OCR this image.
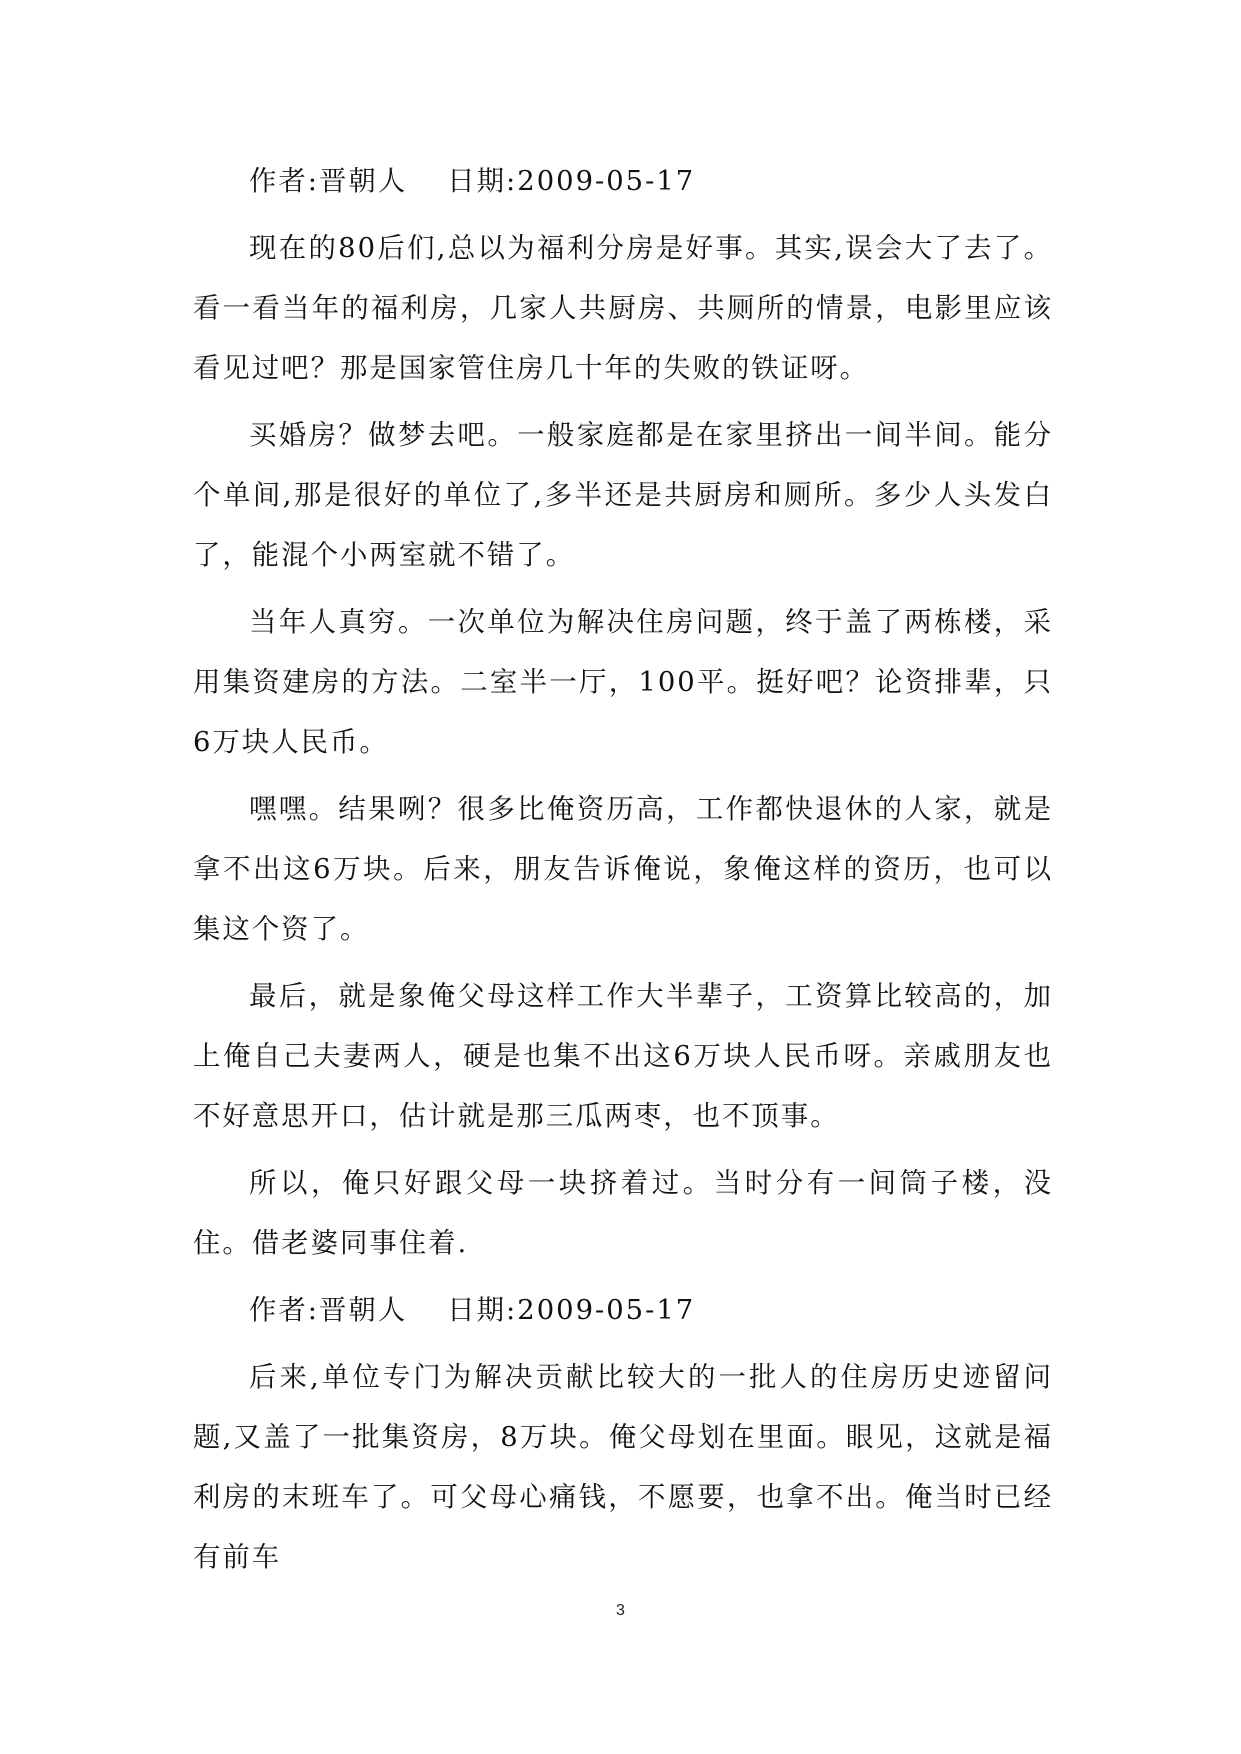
作者:晋朝人　 日期:2009-05-17

现在的80后们,总以为福利分房是好事。其实,误会大了去了。看一看当年的福利房，几家人共厨房、共厕所的情景，电影里应该看见过吧？那是国家管住房几十年的失败的铁证呀。

买婚房？做梦去吧。一般家庭都是在家里挤出一间半间。能分个单间,那是很好的单位了,多半还是共厨房和厕所。多少人头发白了，能混个小两室就不错了。

当年人真穷。一次单位为解决住房问题，终于盖了两栋楼，采用集资建房的方法。二室半一厅，100平。挺好吧？论资排辈，只6万块人民币。

嘿嘿。结果咧？很多比俺资历高，工作都快退休的人家，就是拿不出这6万块。后来，朋友告诉俺说，象俺这样的资历，也可以集这个资了。

最后，就是象俺父母这样工作大半辈子，工资算比较高的，加上俺自己夫妻两人，硬是也集不出这6万块人民币呀。亲戚朋友也不好意思开口，估计就是那三瓜两枣，也不顶事。

所以，俺只好跟父母一块挤着过。当时分有一间筒子楼，没住。借老婆同事住着.

作者:晋朝人　 日期:2009-05-17

后来,单位专门为解决贡献比较大的一批人的住房历史迹留问题,又盖了一批集资房，8万块。俺父母划在里面。眼见，这就是福利房的末班车了。可父母心痛钱，不愿要，也拿不出。俺当时已经有前车

3
